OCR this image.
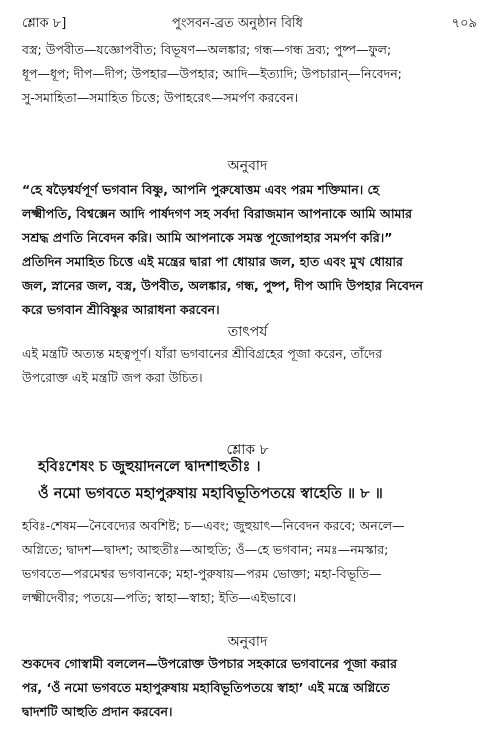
শ্লোক ৮]	পুংসবন-ব্রত অনুষ্ঠান বিধি	৭০৯
বস্ত্র; উপবীত—যজ্ঞোপবীত; বিভূষণ—অলঙ্কার; গন্ধ—গন্ধ দ্রব্য; পুষ্প—ফুল;
ধূপ—ধূপ; দীপ—দীপ; উপহার—উপহার; আদি—ইত্যাদি; উপচারান্—নিবেদন;
সু-সমাহিতা—সমাহিত চিত্তে; উপাহরেৎ—সমর্পণ করবেন।
অনুবাদ
“হে ষড়ৈশ্বর্যপূর্ণ ভগবান বিষ্ণু, আপনি পুরুষোত্তম এবং পরম শক্তিমান। হে
লক্ষ্মীপতি, বিশ্বক্সেন আদি পার্ষদগণ সহ সর্বদা বিরাজমান আপনাকে আমি আমার
সশ্রদ্ধ প্রণতি নিবেদন করি। আমি আপনাকে সমস্ত পূজোপহার সমর্পণ করি।”
প্রতিদিন সমাহিত চিত্তে এই মন্ত্রের দ্বারা পা ধোয়ার জল, হাত এবং মুখ ধোয়ার
জল, স্নানের জল, বস্ত্র, উপবীত, অলঙ্কার, গন্ধ, পুষ্প, দীপ আদি উপহার নিবেদন
করে ভগবান শ্রীবিষ্ণুর আরাধনা করবেন।
তাৎপর্য
এই মন্ত্রটি অত্যন্ত মহত্বপূর্ণ। যাঁরা ভগবানের শ্রীবিগ্রহের পূজা করেন, তাঁদের
উপরোক্ত এই মন্ত্রটি জপ করা উচিত।
শ্লোক ৮
হবিঃশেষং চ জুহুয়াদনলে দ্বাদশাহুতীঃ ।
ওঁ নমো ভগবতে মহাপুরুষায় মহাবিভূতিপতয়ে স্বাহেতি ॥ ৮ ॥
হবিঃ-শেষম—নৈবেদ্যের অবশিষ্ট; চ—এবং; জুহুয়াৎ—নিবেদন করবে; অনলে—
অগ্নিতে; দ্বাদশ—দ্বাদশ; আহুতীঃ—আহুতি; ওঁ—হে ভগবান; নমঃ—নমস্কার;
ভগবতে—পরমেশ্বর ভগবানকে; মহা-পুরুষায়—পরম ভোক্তা; মহা-বিভূতি—
লক্ষ্মীদেবীর; পতয়ে—পতি; স্বাহা—স্বাহা; ইতি—এইভাবে।
অনুবাদ
শুকদেব গোস্বামী বললেন—উপরোক্ত উপচার সহকারে ভগবানের পূজা করার
পর, ‘ওঁ নমো ভগবতে মহাপুরুষায় মহাবিভূতিপতয়ে স্বাহা’ এই মন্ত্রে অগ্নিতে
দ্বাদশটি আহুতি প্রদান করবেন।
